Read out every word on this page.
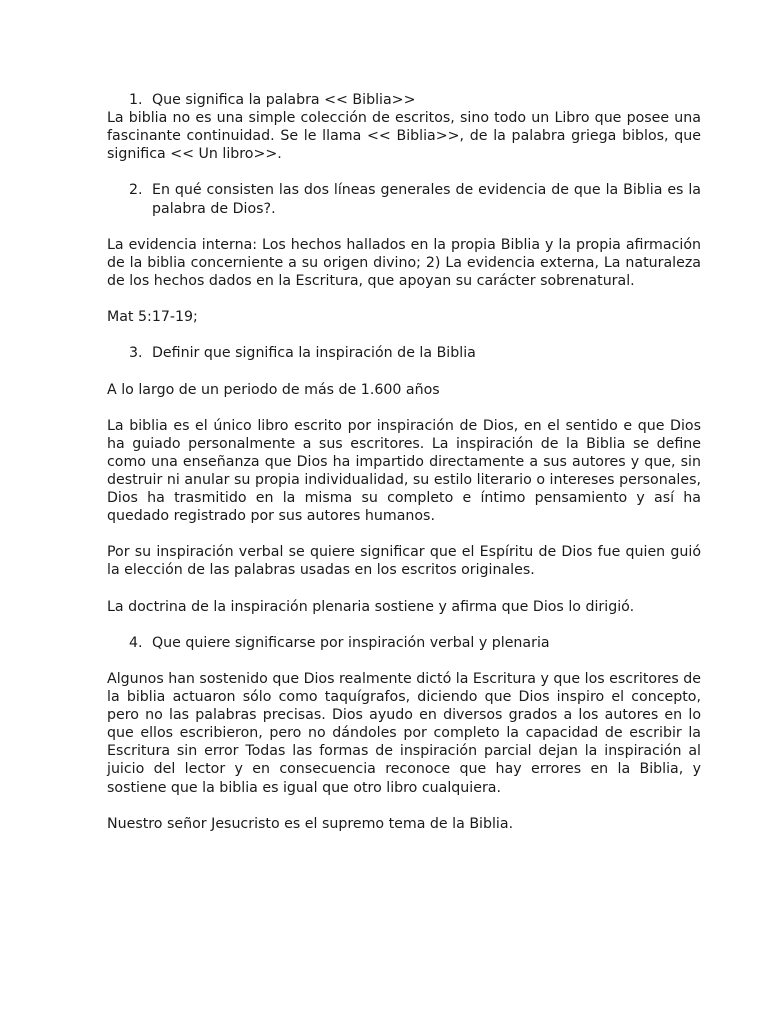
1. Que significa la palabra << Biblia>>

La biblia no es una simple colección de escritos, sino todo un Libro que posee una fascinante continuidad. Se le llama << Biblia>>, de la palabra griega biblos, que significa << Un libro>>.

2. En qué consisten las dos líneas generales de evidencia de que la Biblia es la palabra de Dios?.

La evidencia interna: Los hechos hallados en la propia Biblia y la propia afirmación de la biblia concerniente a su origen divino; 2) La evidencia externa, La naturaleza de los hechos dados en la Escritura, que apoyan su carácter sobrenatural.

Mat 5:17-19;

3. Definir que significa la inspiración de la Biblia

A lo largo de un periodo de más de 1.600 años

La biblia es el único libro escrito por inspiración de Dios, en el sentido e que Dios ha guiado personalmente a sus escritores. La inspiración de la Biblia se define como una enseñanza que Dios ha impartido directamente a sus autores y que, sin destruir ni anular su propia individualidad, su estilo literario o intereses personales, Dios ha trasmitido en la misma su completo e íntimo pensamiento y así ha quedado registrado por sus autores humanos.

Por su inspiración verbal se quiere significar que el Espíritu de Dios fue quien guió la elección de las palabras usadas en los escritos originales.

La doctrina de la inspiración plenaria sostiene y afirma que Dios lo dirigió.

4. Que quiere significarse por inspiración verbal y plenaria

Algunos han sostenido que Dios realmente dictó la Escritura y que los escritores de la biblia actuaron sólo como taquígrafos, diciendo que Dios inspiro el concepto, pero no las palabras precisas. Dios ayudo en diversos grados a los autores en lo que ellos escribieron, pero no dándoles por completo la capacidad de escribir la Escritura sin error Todas las formas de inspiración parcial dejan la inspiración al juicio del lector y en consecuencia reconoce que hay errores en la Biblia, y sostiene que la biblia es igual que otro libro cualquiera.

Nuestro señor Jesucristo es el supremo tema de la Biblia.
